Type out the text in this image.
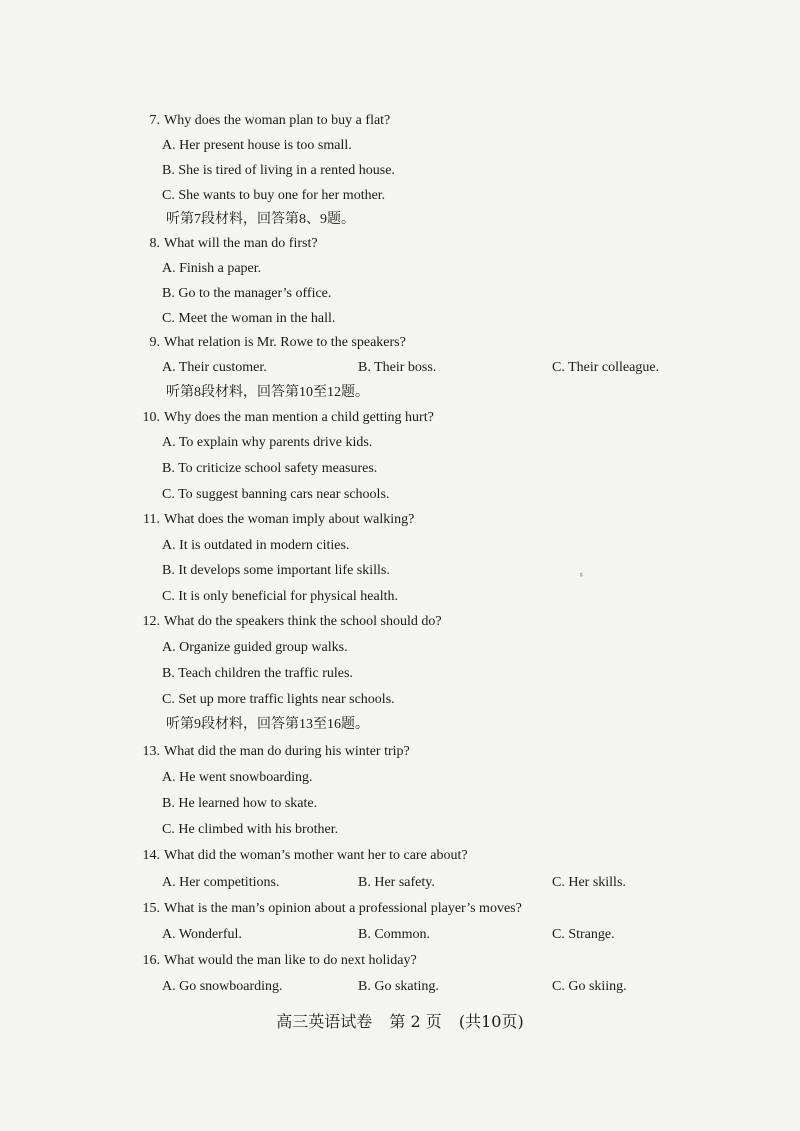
7. Why does the woman plan to buy a flat?
A. Her present house is too small.
B. She is tired of living in a rented house.
C. She wants to buy one for her mother.
听第7段材料，回答第8、9题。
8. What will the man do first?
A. Finish a paper.
B. Go to the manager’s office.
C. Meet the woman in the hall.
9. What relation is Mr. Rowe to the speakers?
A. Their customer.	B. Their boss.	C. Their colleague.
听第8段材料，回答第10至12题。
10. Why does the man mention a child getting hurt?
A. To explain why parents drive kids.
B. To criticize school safety measures.
C. To suggest banning cars near schools.
11. What does the woman imply about walking?
A. It is outdated in modern cities.
B. It develops some important life skills.
C. It is only beneficial for physical health.
12. What do the speakers think the school should do?
A. Organize guided group walks.
B. Teach children the traffic rules.
C. Set up more traffic lights near schools.
听第9段材料，回答第13至16题。
13. What did the man do during his winter trip?
A. He went snowboarding.
B. He learned how to skate.
C. He climbed with his brother.
14. What did the woman’s mother want her to care about?
A. Her competitions.	B. Her safety.	C. Her skills.
15. What is the man’s opinion about a professional player’s moves?
A. Wonderful.	B. Common.	C. Strange.
16. What would the man like to do next holiday?
A. Go snowboarding.	B. Go skating.	C. Go skiing.
ᵍ
高三英语试卷 第 2 页 (共10页)
